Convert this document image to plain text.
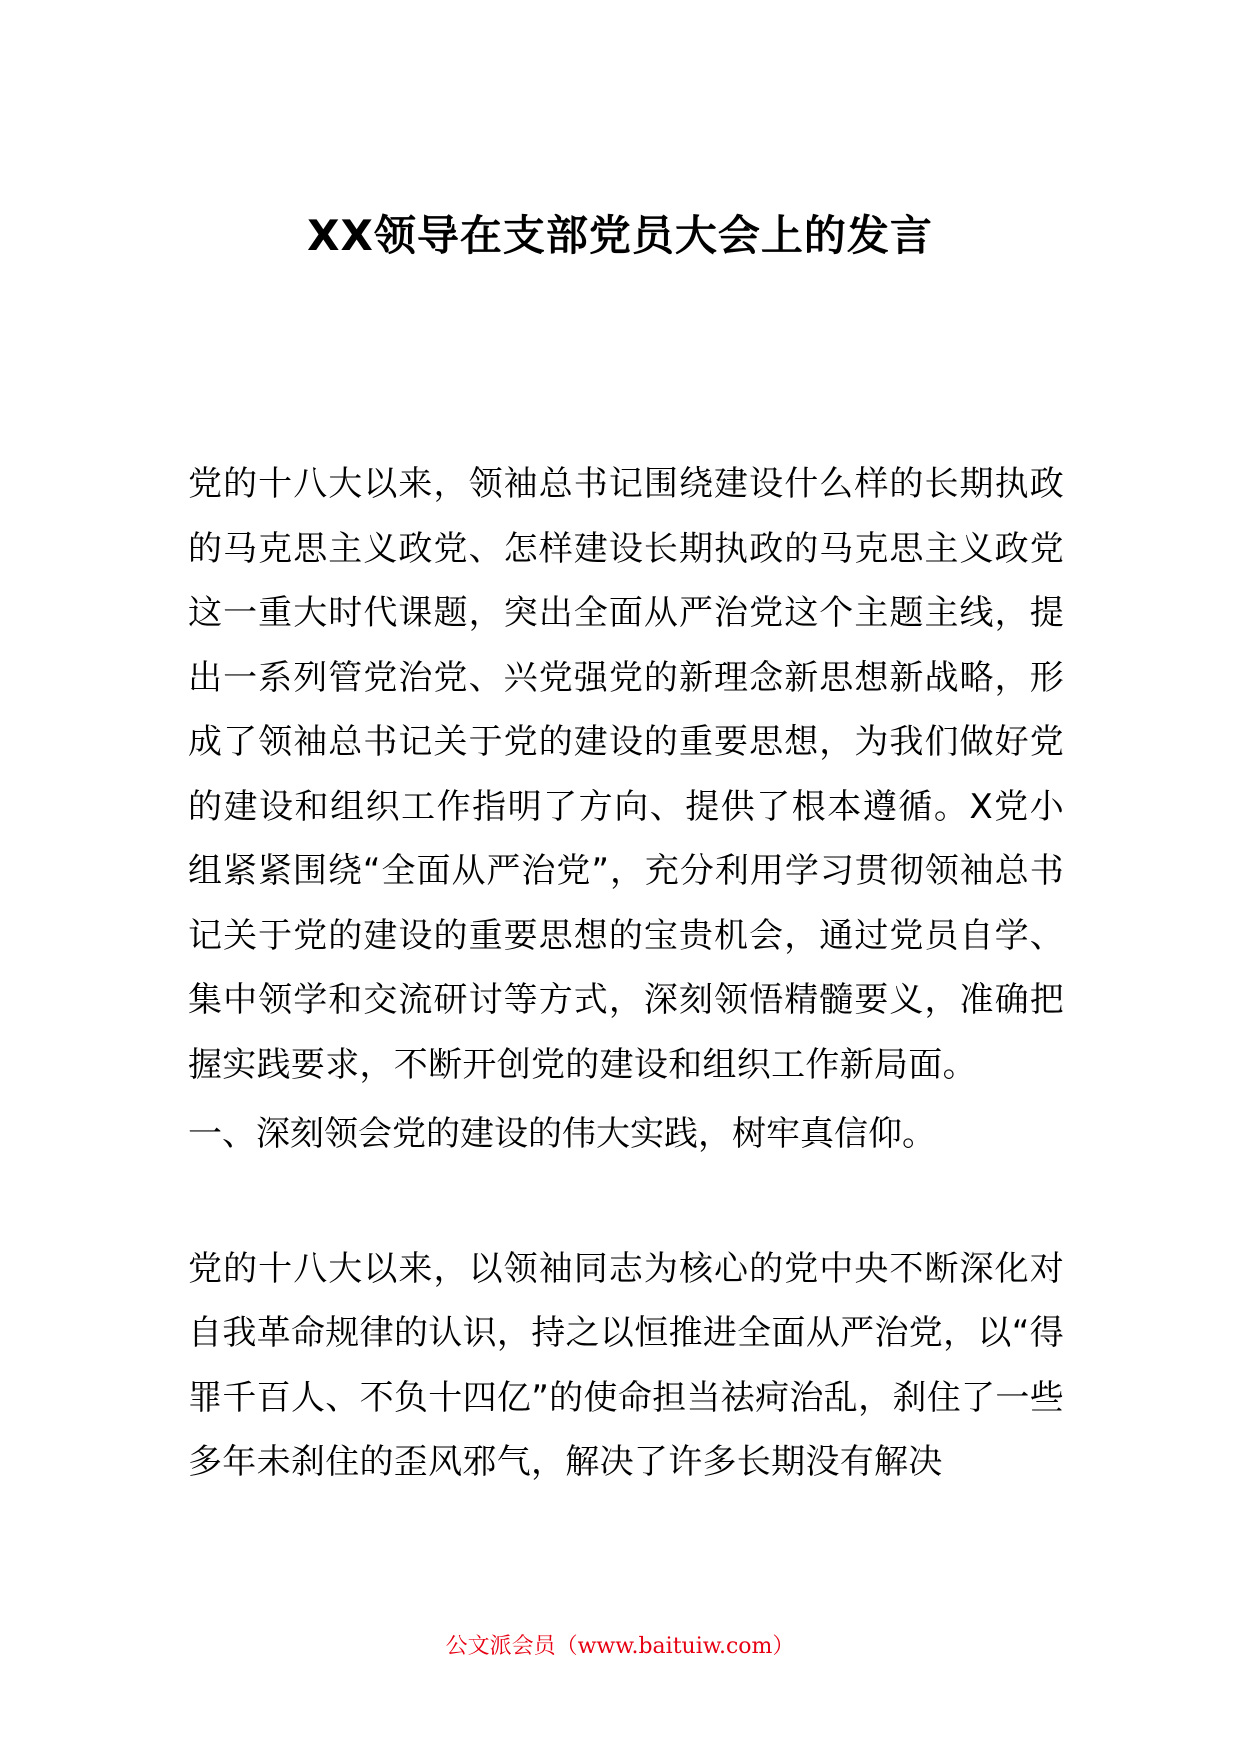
XX领导在支部党员大会上的发言

党的十八大以来，领袖总书记围绕建设什么样的长期执政的马克思主义政党、怎样建设长期执政的马克思主义政党这一重大时代课题，突出全面从严治党这个主题主线，提出一系列管党治党、兴党强党的新理念新思想新战略，形成了领袖总书记关于党的建设的重要思想，为我们做好党的建设和组织工作指明了方向、提供了根本遵循。X党小组紧紧围绕“全面从严治党”，充分利用学习贯彻领袖总书记关于党的建设的重要思想的宝贵机会，通过党员自学、集中领学和交流研讨等方式，深刻领悟精髓要义，准确把握实践要求，不断开创党的建设和组织工作新局面。

一、深刻领会党的建设的伟大实践，树牢真信仰。

党的十八大以来，以领袖同志为核心的党中央不断深化对自我革命规律的认识，持之以恒推进全面从严治党，以“得罪千百人、不负十四亿”的使命担当祛疴治乱，刹住了一些多年未刹住的歪风邪气，解决了许多长期没有解决

公文派会员（www.baituiw.com）
